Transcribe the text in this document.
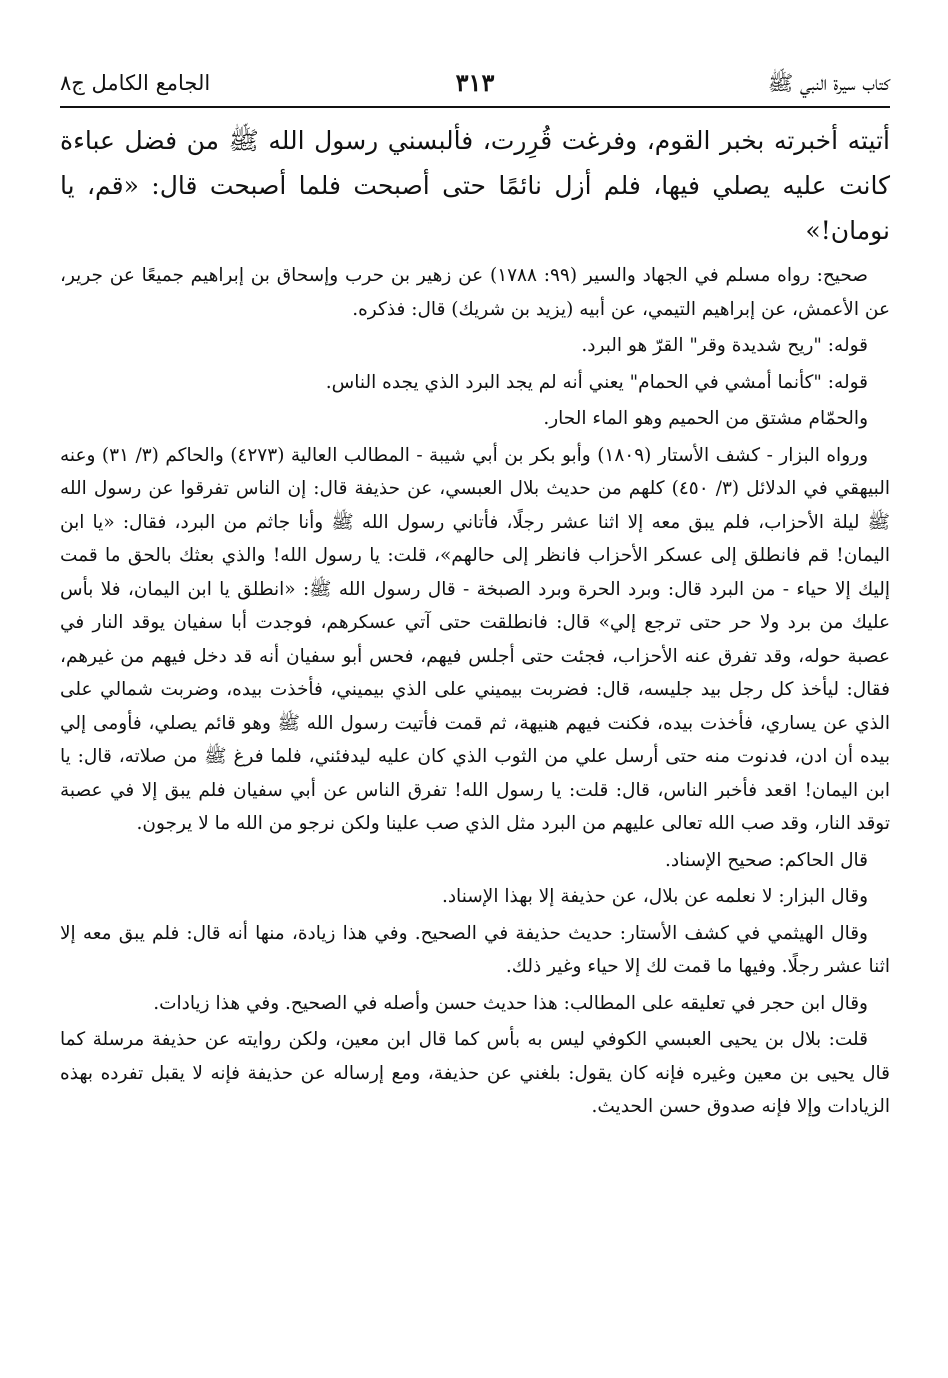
كتاب سيرة النبي ﷺ
٣١٣
الجامع الكامل ج٨

أتيته أخبرته بخبر القوم، وفرغت قُرِرت، فألبسني رسول الله ﷺ من فضل عباءة كانت عليه يصلي فيها، فلم أزل نائمًا حتى أصبحت فلما أصبحت قال: «قم، يا نومان!»

صحيح: رواه مسلم في الجهاد والسير (٩٩: ١٧٨٨) عن زهير بن حرب وإسحاق بن إبراهيم جميعًا عن جرير، عن الأعمش، عن إبراهيم التيمي، عن أبيه (يزيد بن شريك) قال: فذكره.

قوله: "ريح شديدة وقر" القرّ هو البرد.

قوله: "كأنما أمشي في الحمام" يعني أنه لم يجد البرد الذي يجده الناس.

والحمّام مشتق من الحميم وهو الماء الحار.

ورواه البزار - كشف الأستار (١٨٠٩) وأبو بكر بن أبي شيبة - المطالب العالية (٤٢٧٣) والحاكم (٣/ ٣١) وعنه البيهقي في الدلائل (٣/ ٤٥٠) كلهم من حديث بلال العبسي، عن حذيفة قال: إن الناس تفرقوا عن رسول الله ﷺ ليلة الأحزاب، فلم يبق معه إلا اثنا عشر رجلًا، فأتاني رسول الله ﷺ وأنا جاثم من البرد، فقال: «يا ابن اليمان! قم فانطلق إلى عسكر الأحزاب فانظر إلى حالهم»، قلت: يا رسول الله! والذي بعثك بالحق ما قمت إليك إلا حياء - من البرد قال: وبرد الحرة وبرد الصبخة - قال رسول الله ﷺ: «انطلق يا ابن اليمان، فلا بأس عليك من برد ولا حر حتى ترجع إلي» قال: فانطلقت حتى آتي عسكرهم، فوجدت أبا سفيان يوقد النار في عصبة حوله، وقد تفرق عنه الأحزاب، فجئت حتى أجلس فيهم، فحس أبو سفيان أنه قد دخل فيهم من غيرهم، فقال: ليأخذ كل رجل بيد جليسه، قال: فضربت بيميني على الذي بيميني، فأخذت بيده، وضربت شمالي على الذي عن يساري، فأخذت بيده، فكنت فيهم هنيهة، ثم قمت فأتيت رسول الله ﷺ وهو قائم يصلي، فأومى إلي بيده أن ادن، فدنوت منه حتى أرسل علي من الثوب الذي كان عليه ليدفئني، فلما فرغ ﷺ من صلاته، قال: يا ابن اليمان! اقعد فأخبر الناس، قال: قلت: يا رسول الله! تفرق الناس عن أبي سفيان فلم يبق إلا في عصبة توقد النار، وقد صب الله تعالى عليهم من البرد مثل الذي صب علينا ولكن نرجو من الله ما لا يرجون.

قال الحاكم: صحيح الإسناد.

وقال البزار: لا نعلمه عن بلال، عن حذيفة إلا بهذا الإسناد.

وقال الهيثمي في كشف الأستار: حديث حذيفة في الصحيح. وفي هذا زيادة، منها أنه قال: فلم يبق معه إلا اثنا عشر رجلًا. وفيها ما قمت لك إلا حياء وغير ذلك.

وقال ابن حجر في تعليقه على المطالب: هذا حديث حسن وأصله في الصحيح. وفي هذا زيادات.

قلت: بلال بن يحيى العبسي الكوفي ليس به بأس كما قال ابن معين، ولكن روايته عن حذيفة مرسلة كما قال يحيى بن معين وغيره فإنه كان يقول: بلغني عن حذيفة، ومع إرساله عن حذيفة فإنه لا يقبل تفرده بهذه الزيادات وإلا فإنه صدوق حسن الحديث.
